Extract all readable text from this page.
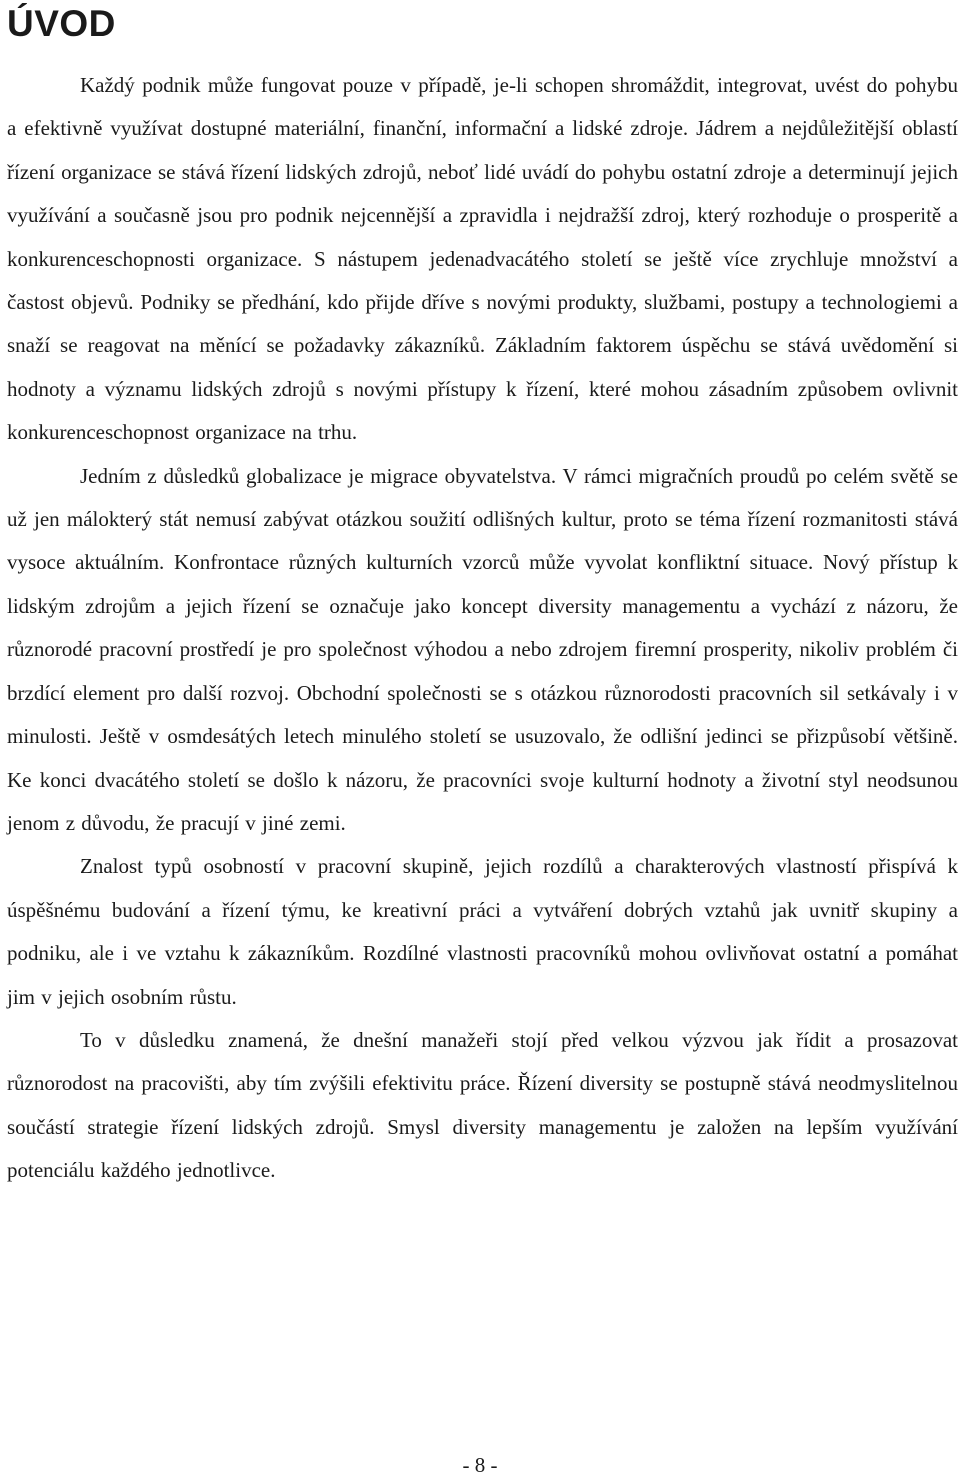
ÚVOD

Každý podnik může fungovat pouze v případě, je-li schopen shromáždit, integrovat, uvést do pohybu a efektivně využívat dostupné materiální, finanční, informační a lidské zdroje. Jádrem a nejdůležitější oblastí řízení organizace se stává řízení lidských zdrojů, neboť lidé uvádí do pohybu ostatní zdroje a determinují jejich využívání a současně jsou pro podnik nejcennější a zpravidla i nejdražší zdroj, který rozhoduje o prosperitě a konkurenceschopnosti organizace. S nástupem jedenadvacátého století se ještě více zrychluje množství a častost objevů. Podniky se předhání, kdo přijde dříve s novými produkty, službami, postupy a technologiemi a snaží se reagovat na měnící se požadavky zákazníků. Základním faktorem úspěchu se stává uvědomění si hodnoty a významu lidských zdrojů s novými přístupy k řízení, které mohou zásadním způsobem ovlivnit konkurenceschopnost organizace na trhu.

Jedním z důsledků globalizace je migrace obyvatelstva. V rámci migračních proudů po celém světě se už jen málokterý stát nemusí zabývat otázkou soužití odlišných kultur, proto se téma řízení rozmanitosti stává vysoce aktuálním. Konfrontace různých kulturních vzorců může vyvolat konfliktní situace. Nový přístup k lidským zdrojům a jejich řízení se označuje jako koncept diversity managementu a vychází z názoru, že různorodé pracovní prostředí je pro společnost výhodou a nebo zdrojem firemní prosperity, nikoliv problém či brzdící element pro další rozvoj. Obchodní společnosti se s otázkou různorodosti pracovních sil setkávaly i v minulosti. Ještě v osmdesátých letech minulého století se usuzovalo, že odlišní jedinci se přizpůsobí většině. Ke konci dvacátého století se došlo k názoru, že pracovníci svoje kulturní hodnoty a životní styl neodsunou jenom z důvodu, že pracují v jiné zemi.

Znalost typů osobností v pracovní skupině, jejich rozdílů a charakterových vlastností přispívá k úspěšnému budování a řízení týmu, ke kreativní práci a vytváření dobrých vztahů jak uvnitř skupiny a podniku, ale i ve vztahu k zákazníkům. Rozdílné vlastnosti pracovníků mohou ovlivňovat ostatní a pomáhat jim v jejich osobním růstu.

To v důsledku znamená, že dnešní manažeři stojí před velkou výzvou jak řídit a prosazovat různorodost na pracovišti, aby tím zvýšili efektivitu práce. Řízení diversity se postupně stává neodmyslitelnou součástí strategie řízení lidských zdrojů. Smysl diversity managementu je založen na lepším využívání potenciálu každého jednotlivce.

- 8 -
